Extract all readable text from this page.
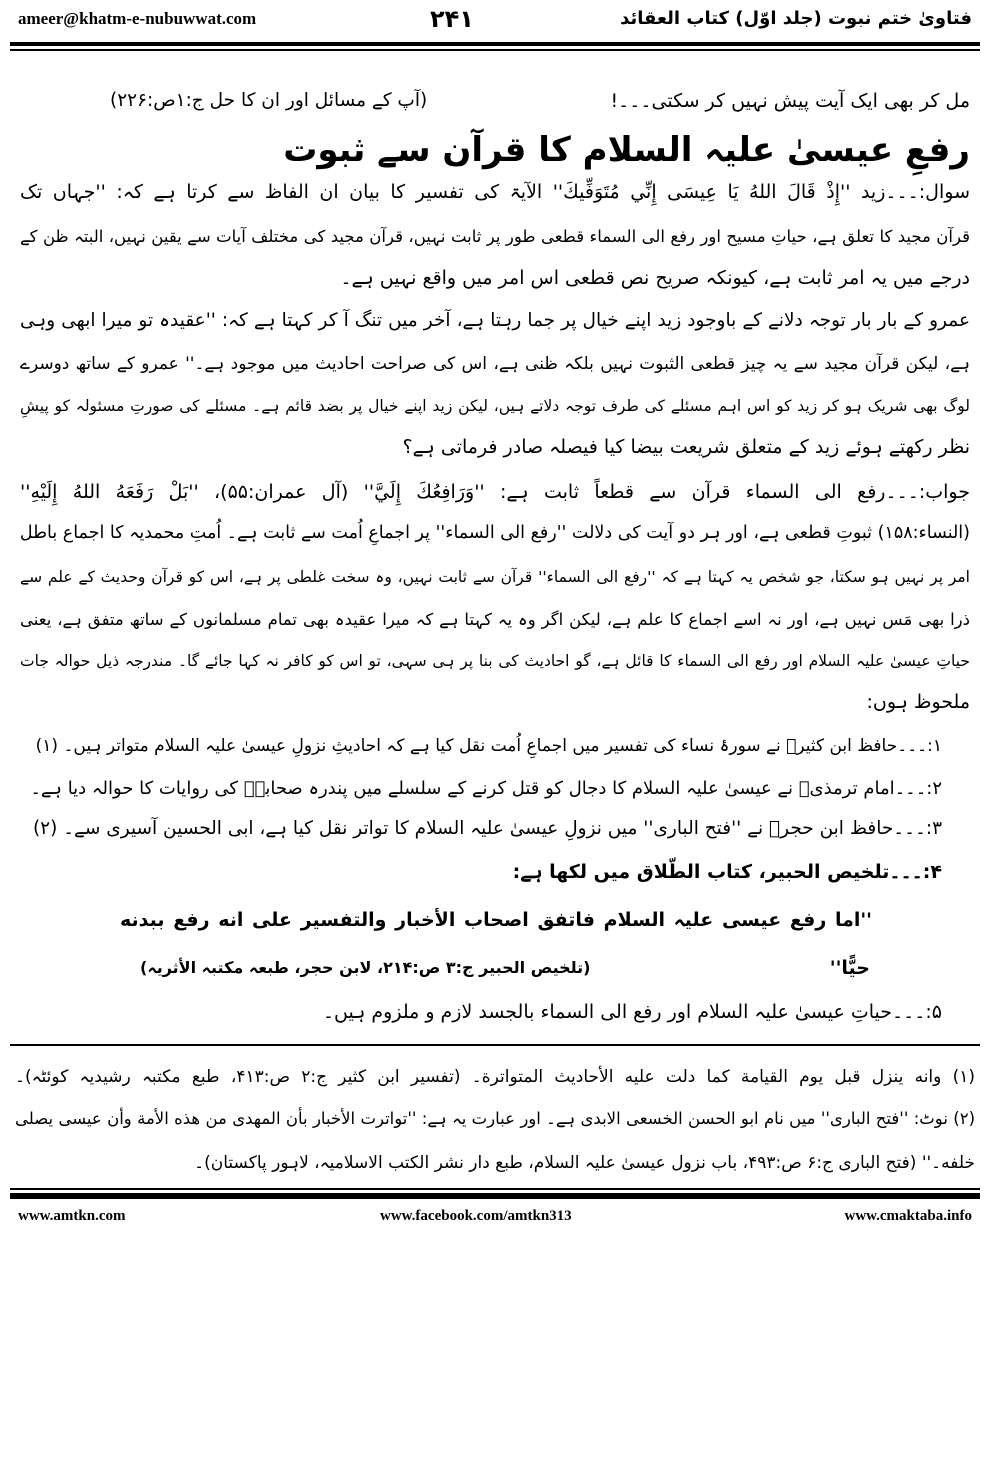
ameer@khatm-e-nubuwwat.com	۲۴۱	فتاویٰ ختم نبوت (جلد اوّل) کتاب العقائد
مل کر بھی ایک آیت پیش نہیں کر سکتی۔۔۔!
(آپ کے مسائل اور ان کا حل ج:۱ص:۲۲۶)
رفعِ عیسیٰ علیہ السلام کا قرآن سے ثبوت
سوال:۔۔۔زید ''إِذْ قَالَ اللهُ يَا عِيسَى إِنِّي مُتَوَفِّيكَ'' الآیۃ کی تفسیر کا بیان ان الفاظ سے کرتا ہے کہ: ''جہاں تک
قرآن مجید کا تعلق ہے، حیاتِ مسیح اور رفع الی السماء قطعی طور پر ثابت نہیں، قرآن مجید کی مختلف آیات سے یقین نہیں، البتہ ظن کے
درجے میں یہ امر ثابت ہے، کیونکہ صریح نص قطعی اس امر میں واقع نہیں ہے۔
عمرو کے بار بار توجہ دلانے کے باوجود زید اپنے خیال پر جما رہتا ہے، آخر میں تنگ آ کر کہتا ہے کہ: ''عقیدہ تو میرا ابھی وہی
ہے، لیکن قرآن مجید سے یہ چیز قطعی الثبوت نہیں بلکہ ظنی ہے، اس کی صراحت احادیث میں موجود ہے۔'' عمرو کے ساتھ دوسرے
لوگ بھی شریک ہو کر زید کو اس اہم مسئلے کی طرف توجہ دلاتے ہیں، لیکن زید اپنے خیال پر بضد قائم ہے۔ مسئلے کی صورتِ مسئولہ کو پیشِ
نظر رکھتے ہوئے زید کے متعلق شریعت بیضا کیا فیصلہ صادر فرماتی ہے؟
جواب:۔۔۔رفع الی السماء قرآن سے قطعاً ثابت ہے: ''وَرَافِعُكَ إِلَيَّ'' (آل عمران:۵۵)، ''بَلْ رَفَعَهُ اللهُ إِلَيْهِ''
(النساء:۱۵۸) ثبوتِ قطعی ہے، اور ہر دو آیت کی دلالت ''رفع الی السماء'' پر اجماعِ اُمت سے ثابت ہے۔ اُمتِ محمدیہ کا اجماع باطل
امر پر نہیں ہو سکتا، جو شخص یہ کہتا ہے کہ ''رفع الی السماء'' قرآن سے ثابت نہیں، وہ سخت غلطی پر ہے، اس کو قرآن وحدیث کے علم سے
ذرا بھی مَس نہیں ہے، اور نہ اسے اجماع کا علم ہے، لیکن اگر وہ یہ کہتا ہے کہ میرا عقیدہ بھی تمام مسلمانوں کے ساتھ متفق ہے، یعنی
حیاتِ عیسیٰ علیہ السلام اور رفع الی السماء کا قائل ہے، گو احادیث کی بنا پر ہی سہی، تو اس کو کافر نہ کہا جائے گا۔ مندرجہ ذیل حوالہ جات
ملحوظ ہوں:
۱:۔۔۔حافظ ابن کثیرؒ نے سورۂ نساء کی تفسیر میں اجماعِ اُمت نقل کیا ہے کہ احادیثِ نزولِ عیسیٰ علیہ السلام متواتر ہیں۔ (۱)
۲:۔۔۔امام ترمذیؒ نے عیسیٰ علیہ السلام کا دجال کو قتل کرنے کے سلسلے میں پندرہ صحابہؓ کی روایات کا حوالہ دیا ہے۔
۳:۔۔۔حافظ ابن حجرؒ نے ''فتح الباری'' میں نزولِ عیسیٰ علیہ السلام کا تواتر نقل کیا ہے، ابی الحسین آسیری سے۔ (۲)
۴:۔۔۔تلخیص الحبیر، کتاب الطّلاق میں لکھا ہے:
''اما رفع عیسی علیہ السلام فاتفق اصحاب الأخبار والتفسیر علی انه رفع ببدنه
حیًّا''
(تلخیص الحبیر ج:۳ ص:۲۱۴، لابن حجر، طبعہ مکتبہ الأثریہ)
۵:۔۔۔حیاتِ عیسیٰ علیہ السلام اور رفع الی السماء بالجسد لازم و ملزوم ہیں۔
(۱) وانه ينزل قبل يوم القيامة كما دلت عليه الأحاديث المتواترة۔ (تفسیر ابن کثیر ج:۲ ص:۴۱۳، طبع مکتبہ رشیدیہ کوئٹہ)۔
(۲) نوٹ: ''فتح الباری'' میں نام ابو الحسن الخسعی الابدی ہے۔ اور عبارت یہ ہے: ''تواترت الأخبار بأن المهدی من هذه الأمة وأن عیسی یصلی
خلفه۔'' (فتح الباری ج:۶ ص:۴۹۳، باب نزول عیسیٰ علیہ السلام، طبع دار نشر الکتب الاسلامیہ، لاہور پاکستان)۔
www.amtkn.com	www.facebook.com/amtkn313	www.cmaktaba.info
